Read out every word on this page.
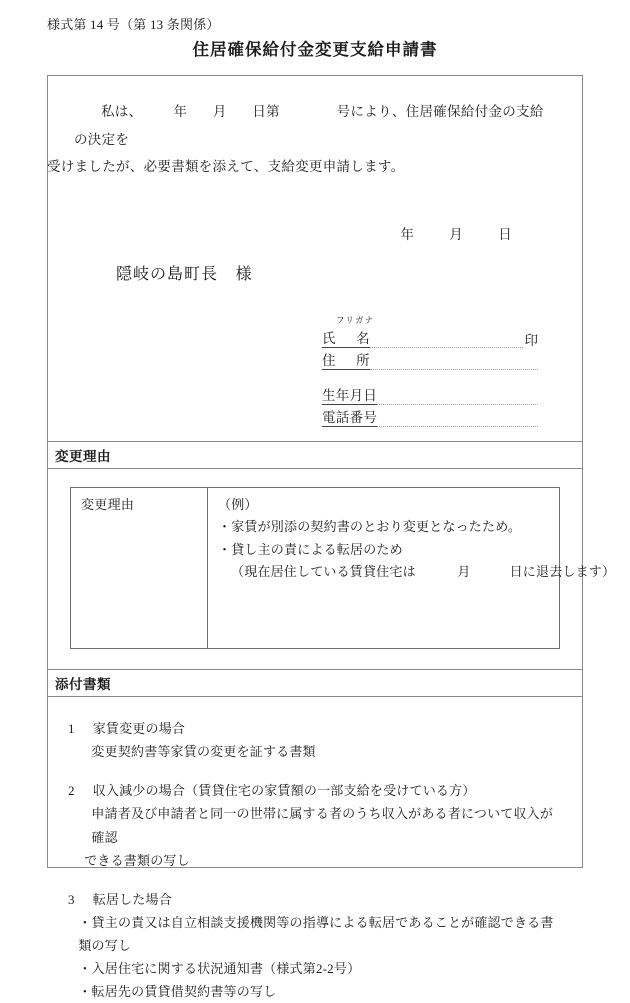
様式第 14 号（第 13 条関係）
住居確保給付金変更支給申請書
私は、 年 月 日第	号により、住居確保給付金の支給の決定を
受けましたが、必要書類を添えて、支給変更申請します。
年	月	日
隠岐の島町長 様
フリガナ
氏 名	印
住 所
生年月日
電話番号
変更理由
変更理由	（例）
・家賃が別添の契約書のとおり変更となったため。
・貸し主の責による転居のため
（現在居住している賃貸住宅は	月	日に退去します）
添付書類
1 家賃変更の場合
変更契約書等家賃の変更を証する書類
2 収入減少の場合（賃貸住宅の家賃額の一部支給を受けている方）
申請者及び申請者と同一の世帯に属する者のうち収入がある者について収入が確認
できる書類の写し
3 転居した場合
・貸主の責又は自立相談支援機関等の指導による転居であることが確認できる書類の写し
・入居住宅に関する状況通知書（様式第2-2号）
・転居先の賃貸借契約書等の写し
